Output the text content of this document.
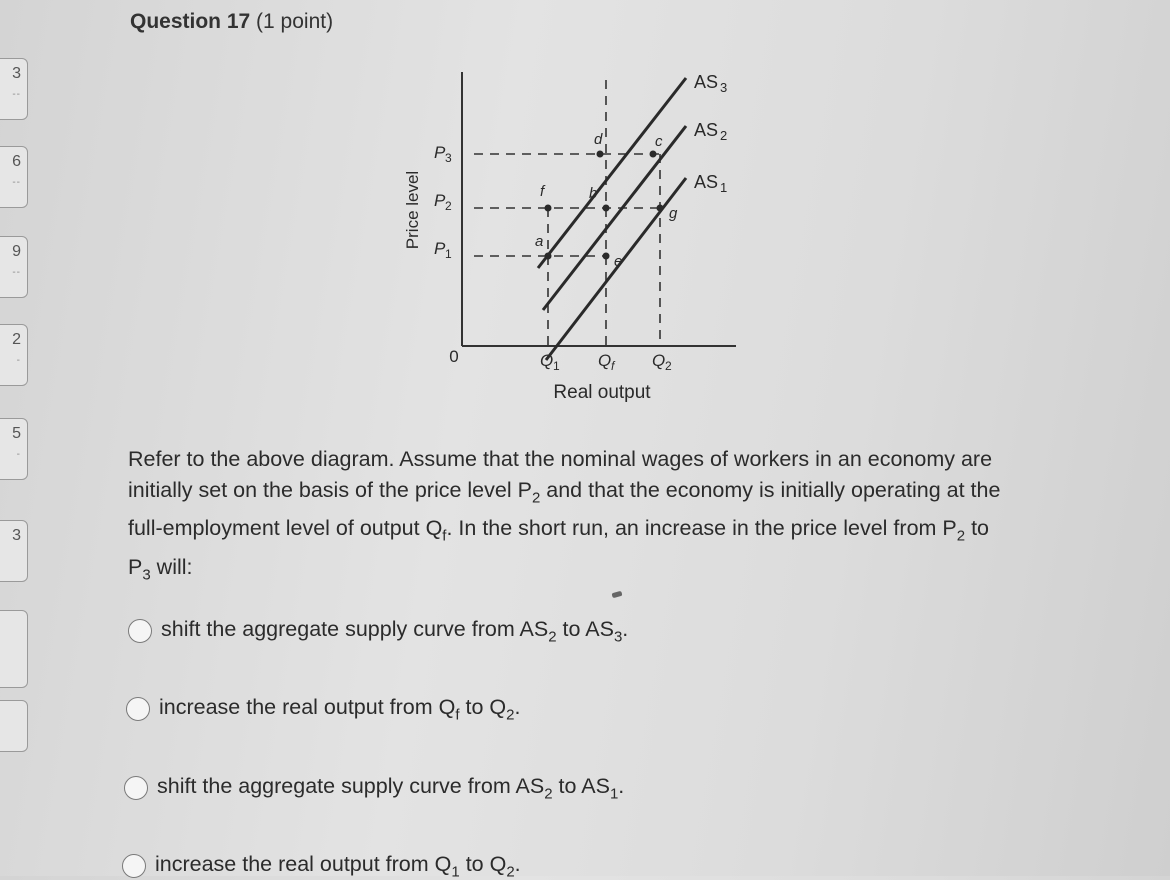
3
--
6
--
9
--
2
-
5
-
3
Question 17 (1 point)
Price level
Real output
0
P 3
P 2
P 1
AS 3
AS 2
AS 1
d	c
f	b
g
a
e
Q 1 Q f Q 2
Refer to the above diagram. Assume that the nominal wages of workers in an economy are initially set on the basis of the price level $P_2$ and that the economy is initially operating at the full-employment level of output $Q_f$. In the short run, an increase in the price level from $P_2$ to $P_3$ will:
shift the aggregate supply curve from $AS_2$ to $AS_3$.
increase the real output from $Q_f$ to $Q_2$.
shift the aggregate supply curve from $AS_2$ to $AS_1$.
increase the real output from $Q_1$ to $Q_2$.
